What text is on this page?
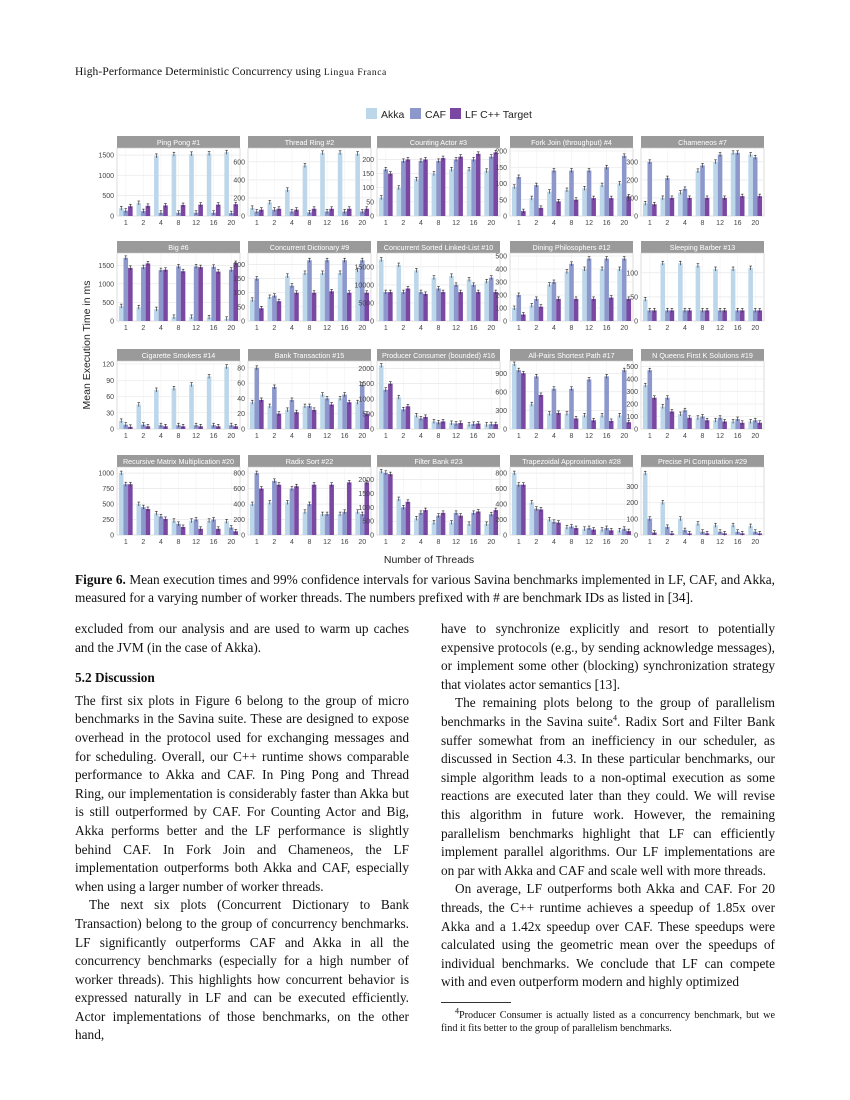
High-Performance Deterministic Concurrency using Lingua Franca
Akka CAF LF C++ Target
Mean Execution Time in ms
Number of Threads
Ping Pong #1
0
500
1000
1500
1 2 4 8 12 16 20
Thread Ring #2
0
200
400
600
1 2 4 8 12 16 20
Counting Actor #3
0
50
100
150
200
1 2 4 8 12 16 20
Fork Join (throughput) #4
0
50
100
150
200
1 2 4 8 12 16 20
Chameneos #7
0
100
200
300
1 2 4 8 12 16 20
Big #6
0
500
1000
1500
1 2 4 8 12 16 20
Concurrent Dictionary #9
0
50
100
150
200
1 2 4 8 12 16 20
Concurrent Sorted Linked-List #10
0
5000
10000
15000
1 2 4 8 12 16 20
Dining Philosophers #12
0
100
200
300
400
500
1 2 4 8 12 16 20
Sleeping Barber #13
0
50
100
1 2 4 8 12 16 20
Cigarette Smokers #14
0
30
60
90
120
1 2 4 8 12 16 20
Bank Transaction #15
0
20
40
60
80
1 2 4 8 12 16 20
Producer Consumer (bounded) #16
0
500
1000
1500
2000
1 2 4 8 12 16 20
All-Pairs Shortest Path #17
0
300
600
900
1 2 4 8 12 16 20
N Queens First K Solutions #19
0
100
200
300
400
500
1 2 4 8 12 16 20
Recursive Matrix Multiplication #20
0
250
500
750
1000
1 2 4 8 12 16 20
Radix Sort #22
0
200
400
600
800
1 2 4 8 12 16 20
Filter Bank #23
0
500
1000
1500
2000
1 2 4 8 12 16 20
Trapezoidal Approximation #28
0
200
400
600
800
1 2 4 8 12 16 20
Precise Pi Computation #29
0
100
200
300
1 2 4 8 12 16 20
Figure 6. Mean execution times and 99% confidence intervals for various Savina benchmarks implemented in LF, CAF, and Akka, measured for a varying number of worker threads. The numbers prefixed with # are benchmark IDs as listed in [34].

excluded from our analysis and are used to warm up caches and the JVM (in the case of Akka).

5.2 Discussion

The first six plots in Figure 6 belong to the group of micro benchmarks in the Savina suite. These are designed to expose overhead in the protocol used for exchanging messages and for scheduling. Overall, our C++ runtime shows comparable performance to Akka and CAF. In Ping Pong and Thread Ring, our implementation is considerably faster than Akka but is still outperformed by CAF. For Counting Actor and Big, Akka performs better and the LF performance is slightly behind CAF. In Fork Join and Chameneos, the LF implementation outperforms both Akka and CAF, especially when using a larger number of worker threads.

The next six plots (Concurrent Dictionary to Bank Transaction) belong to the group of concurrency benchmarks. LF significantly outperforms CAF and Akka in all the concurrency benchmarks (especially for a high number of worker threads). This highlights how concurrent behavior is expressed naturally in LF and can be executed efficiently. Actor implementations of those benchmarks, on the other hand,

have to synchronize explicitly and resort to potentially expensive protocols (e.g., by sending acknowledge messages), or implement some other (blocking) synchronization strategy that violates actor semantics [13].

The remaining plots belong to the group of parallelism benchmarks in the Savina suite$^4$. Radix Sort and Filter Bank suffer somewhat from an inefficiency in our scheduler, as discussed in Section 4.3. In these particular benchmarks, our simple algorithm leads to a non-optimal execution as some reactions are executed later than they could. We will revise this algorithm in future work. However, the remaining parallelism benchmarks highlight that LF can efficiently implement parallel algorithms. Our LF implementations are on par with Akka and CAF and scale well with more threads.

On average, LF outperforms both Akka and CAF. For 20 threads, the C++ runtime achieves a speedup of 1.85x over Akka and a 1.42x speedup over CAF. These speedups were calculated using the geometric mean over the speedups of individual benchmarks. We conclude that LF can compete with and even outperform modern and highly optimized

$^4$Producer Consumer is actually listed as a concurrency benchmark, but we find it fits better to the group of parallelism benchmarks.
